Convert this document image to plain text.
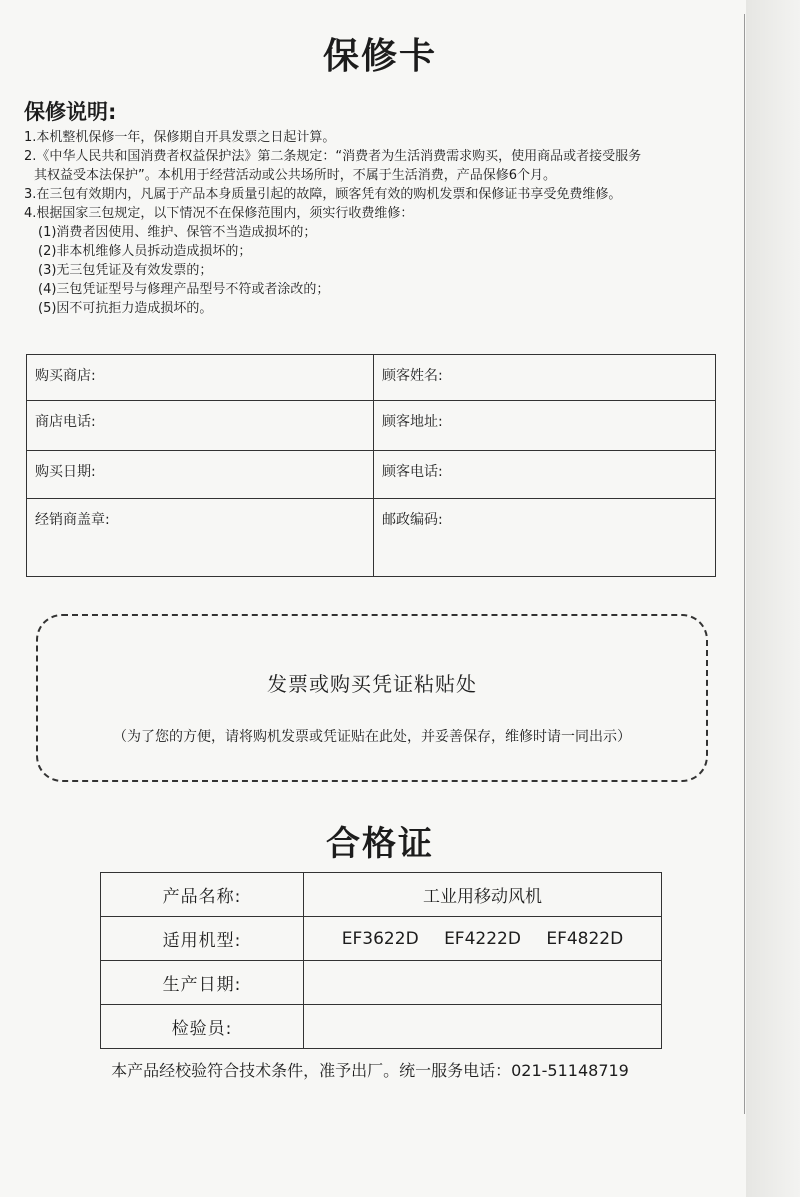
保修卡
保修说明:
1.本机整机保修一年，保修期自开具发票之日起计算。
2.《中华人民共和国消费者权益保护法》第二条规定：“消费者为生活消费需求购买，使用商品或者接受服务
其权益受本法保护”。本机用于经营活动或公共场所时，不属于生活消费，产品保修6个月。
3.在三包有效期内，凡属于产品本身质量引起的故障，顾客凭有效的购机发票和保修证书享受免费维修。
4.根据国家三包规定，以下情况不在保修范围内，须实行收费维修：
(1)消费者因使用、维护、保管不当造成损坏的；
(2)非本机维修人员拆动造成损坏的；
(3)无三包凭证及有效发票的；
(4)三包凭证型号与修理产品型号不符或者涂改的；
(5)因不可抗拒力造成损坏的。
购买商店:	顾客姓名:
商店电话:	顾客地址:
购买日期:	顾客电话:
经销商盖章:	邮政编码:
发票或购买凭证粘贴处
（为了您的方便，请将购机发票或凭证贴在此处，并妥善保存，维修时请一同出示）
合格证
产品名称:	工业用移动风机
适用机型:	EF3622D EF4222D EF4822D
生产日期:	
检验员:	
本产品经校验符合技术条件，准予出厂。统一服务电话：021-51148719
